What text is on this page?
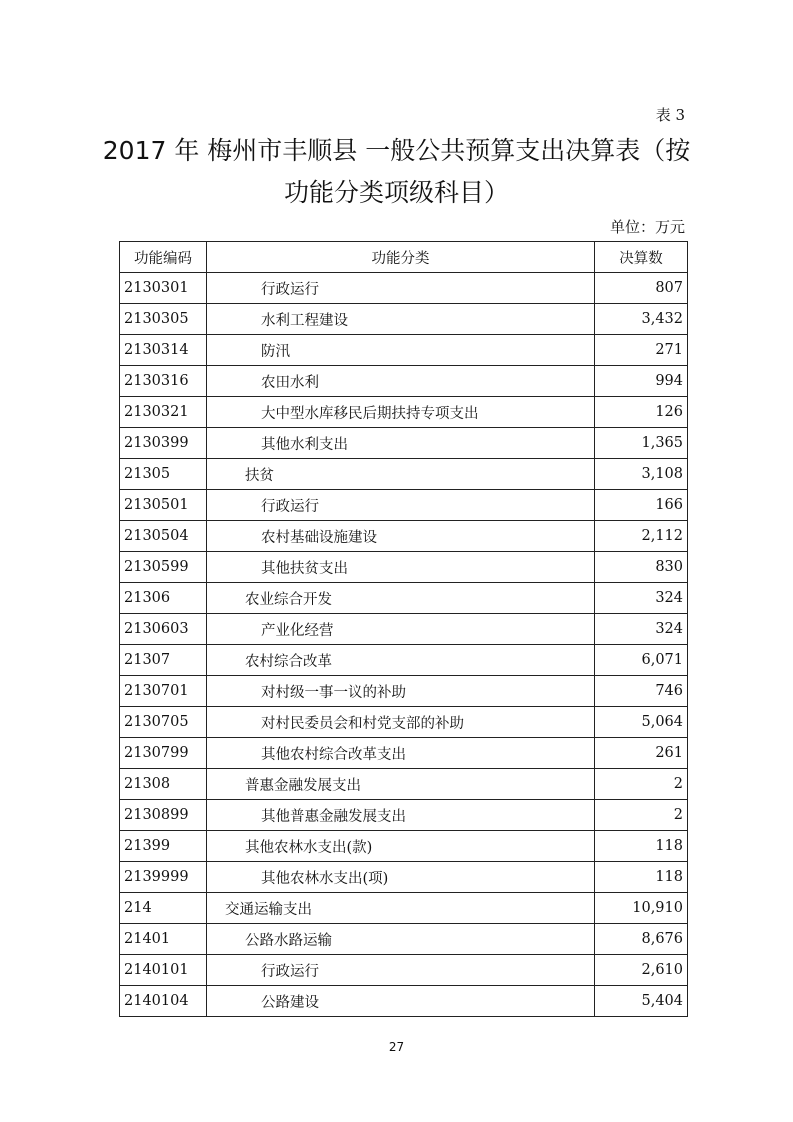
表 3
2017 年 梅州市丰顺县 一般公共预算支出决算表（按
功能分类项级科目）
单位：万元
功能编码	功能分类	决算数
2130301	行政运行	807
2130305	水利工程建设	3,432
2130314	防汛	271
2130316	农田水利	994
2130321	大中型水库移民后期扶持专项支出	126
2130399	其他水利支出	1,365
21305	扶贫	3,108
2130501	行政运行	166
2130504	农村基础设施建设	2,112
2130599	其他扶贫支出	830
21306	农业综合开发	324
2130603	产业化经营	324
21307	农村综合改革	6,071
2130701	对村级一事一议的补助	746
2130705	对村民委员会和村党支部的补助	5,064
2130799	其他农村综合改革支出	261
21308	普惠金融发展支出	2
2130899	其他普惠金融发展支出	2
21399	其他农林水支出(款)	118
2139999	其他农林水支出(项)	118
214	交通运输支出	10,910
21401	公路水路运输	8,676
2140101	行政运行	2,610
2140104	公路建设	5,404
27
